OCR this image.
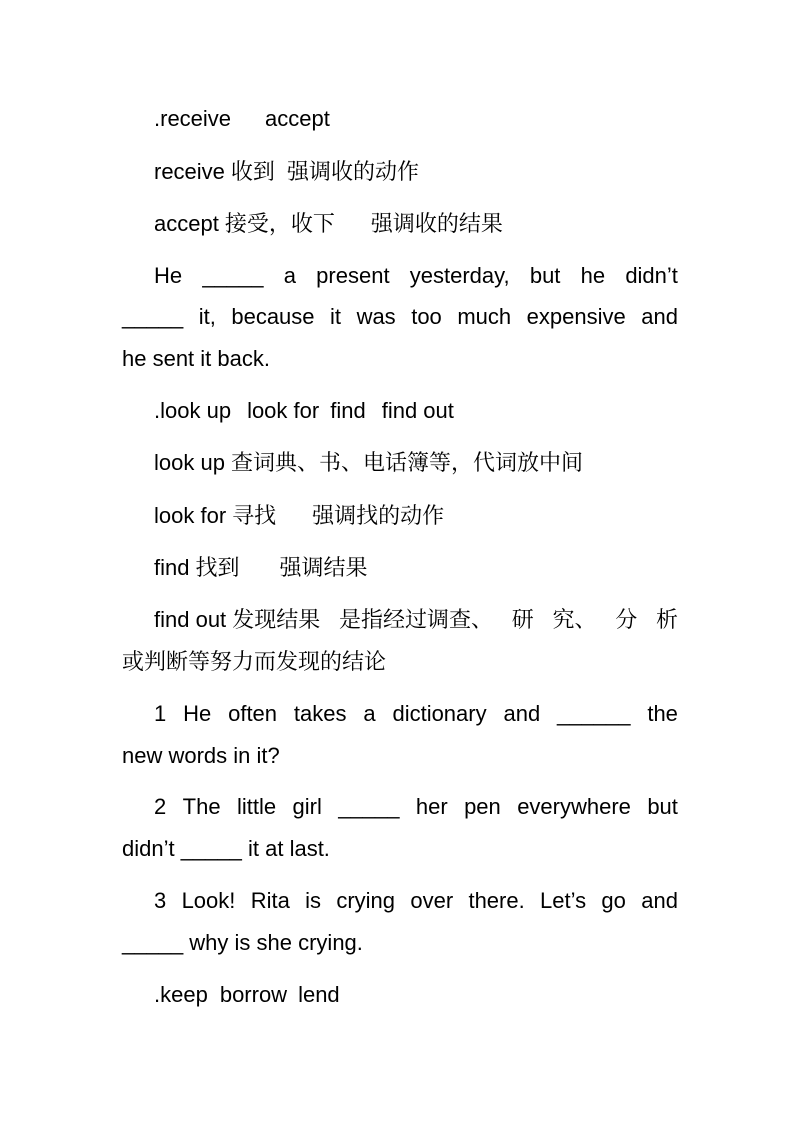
.receive accept
receive 收到 强调收的动作
accept 接受，收下 强调收的结果
He _____ a present yesterday, but he didn’t
_____ it, because it was too much expensive and
he sent it back.
.look up look for find find out
look up 查词典、书、电话簿等，代词放中间
look for 寻找 强调找的动作
find 找到 强调结果
find out 发现结果 是指经过调查、 研 究、 分 析
或判断等努力而发现的结论
1 He often takes a dictionary and ______ the
new words in it?
2 The little girl _____ her pen everywhere but
didn’t _____ it at last.
3 Look! Rita is crying over there. Let’s go and
_____ why is she crying.
.keep borrow lend
